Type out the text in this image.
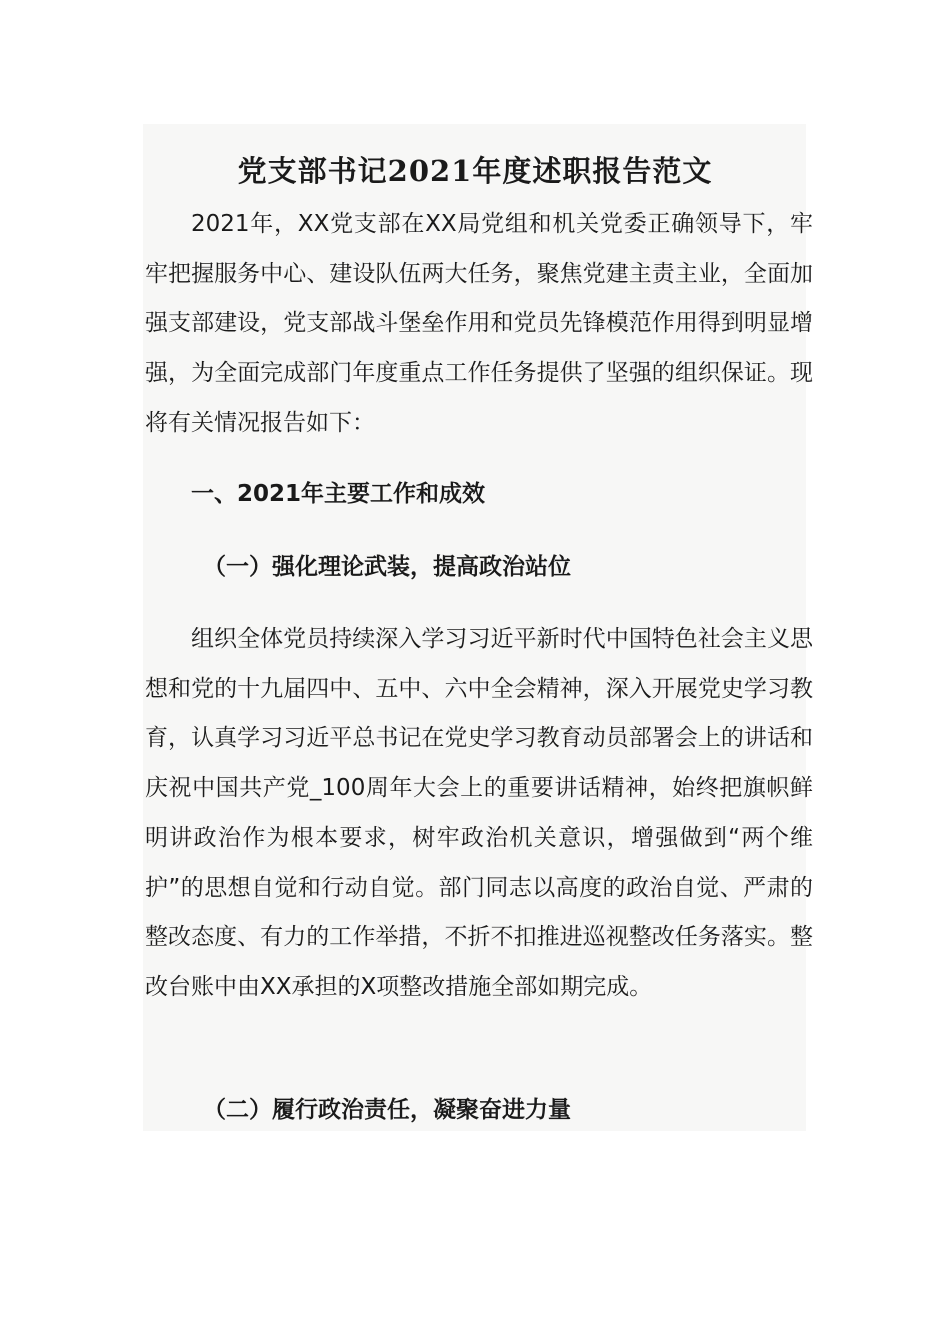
党支部书记2021年度述职报告范文

2021年，XX党支部在XX局党组和机关党委正确领导下，牢牢把握服务中心、建设队伍两大任务，聚焦党建主责主业，全面加强支部建设，党支部战斗堡垒作用和党员先锋模范作用得到明显增强，为全面完成部门年度重点工作任务提供了坚强的组织保证。现将有关情况报告如下：

一、2021年主要工作和成效
（一）强化理论武装，提高政治站位

组织全体党员持续深入学习习近平新时代中国特色社会主义思想和党的十九届四中、五中、六中全会精神，深入开展党史学习教育，认真学习习近平总书记在党史学习教育动员部署会上的讲话和庆祝中国共产党_100周年大会上的重要讲话精神，始终把旗帜鲜明讲政治作为根本要求，树牢政治机关意识，增强做到“两个维护”的思想自觉和行动自觉。部门同志以高度的政治自觉、严肃的整改态度、有力的工作举措，不折不扣推进巡视整改任务落实。整改台账中由XX承担的X项整改措施全部如期完成。

（二）履行政治责任，凝聚奋进力量
